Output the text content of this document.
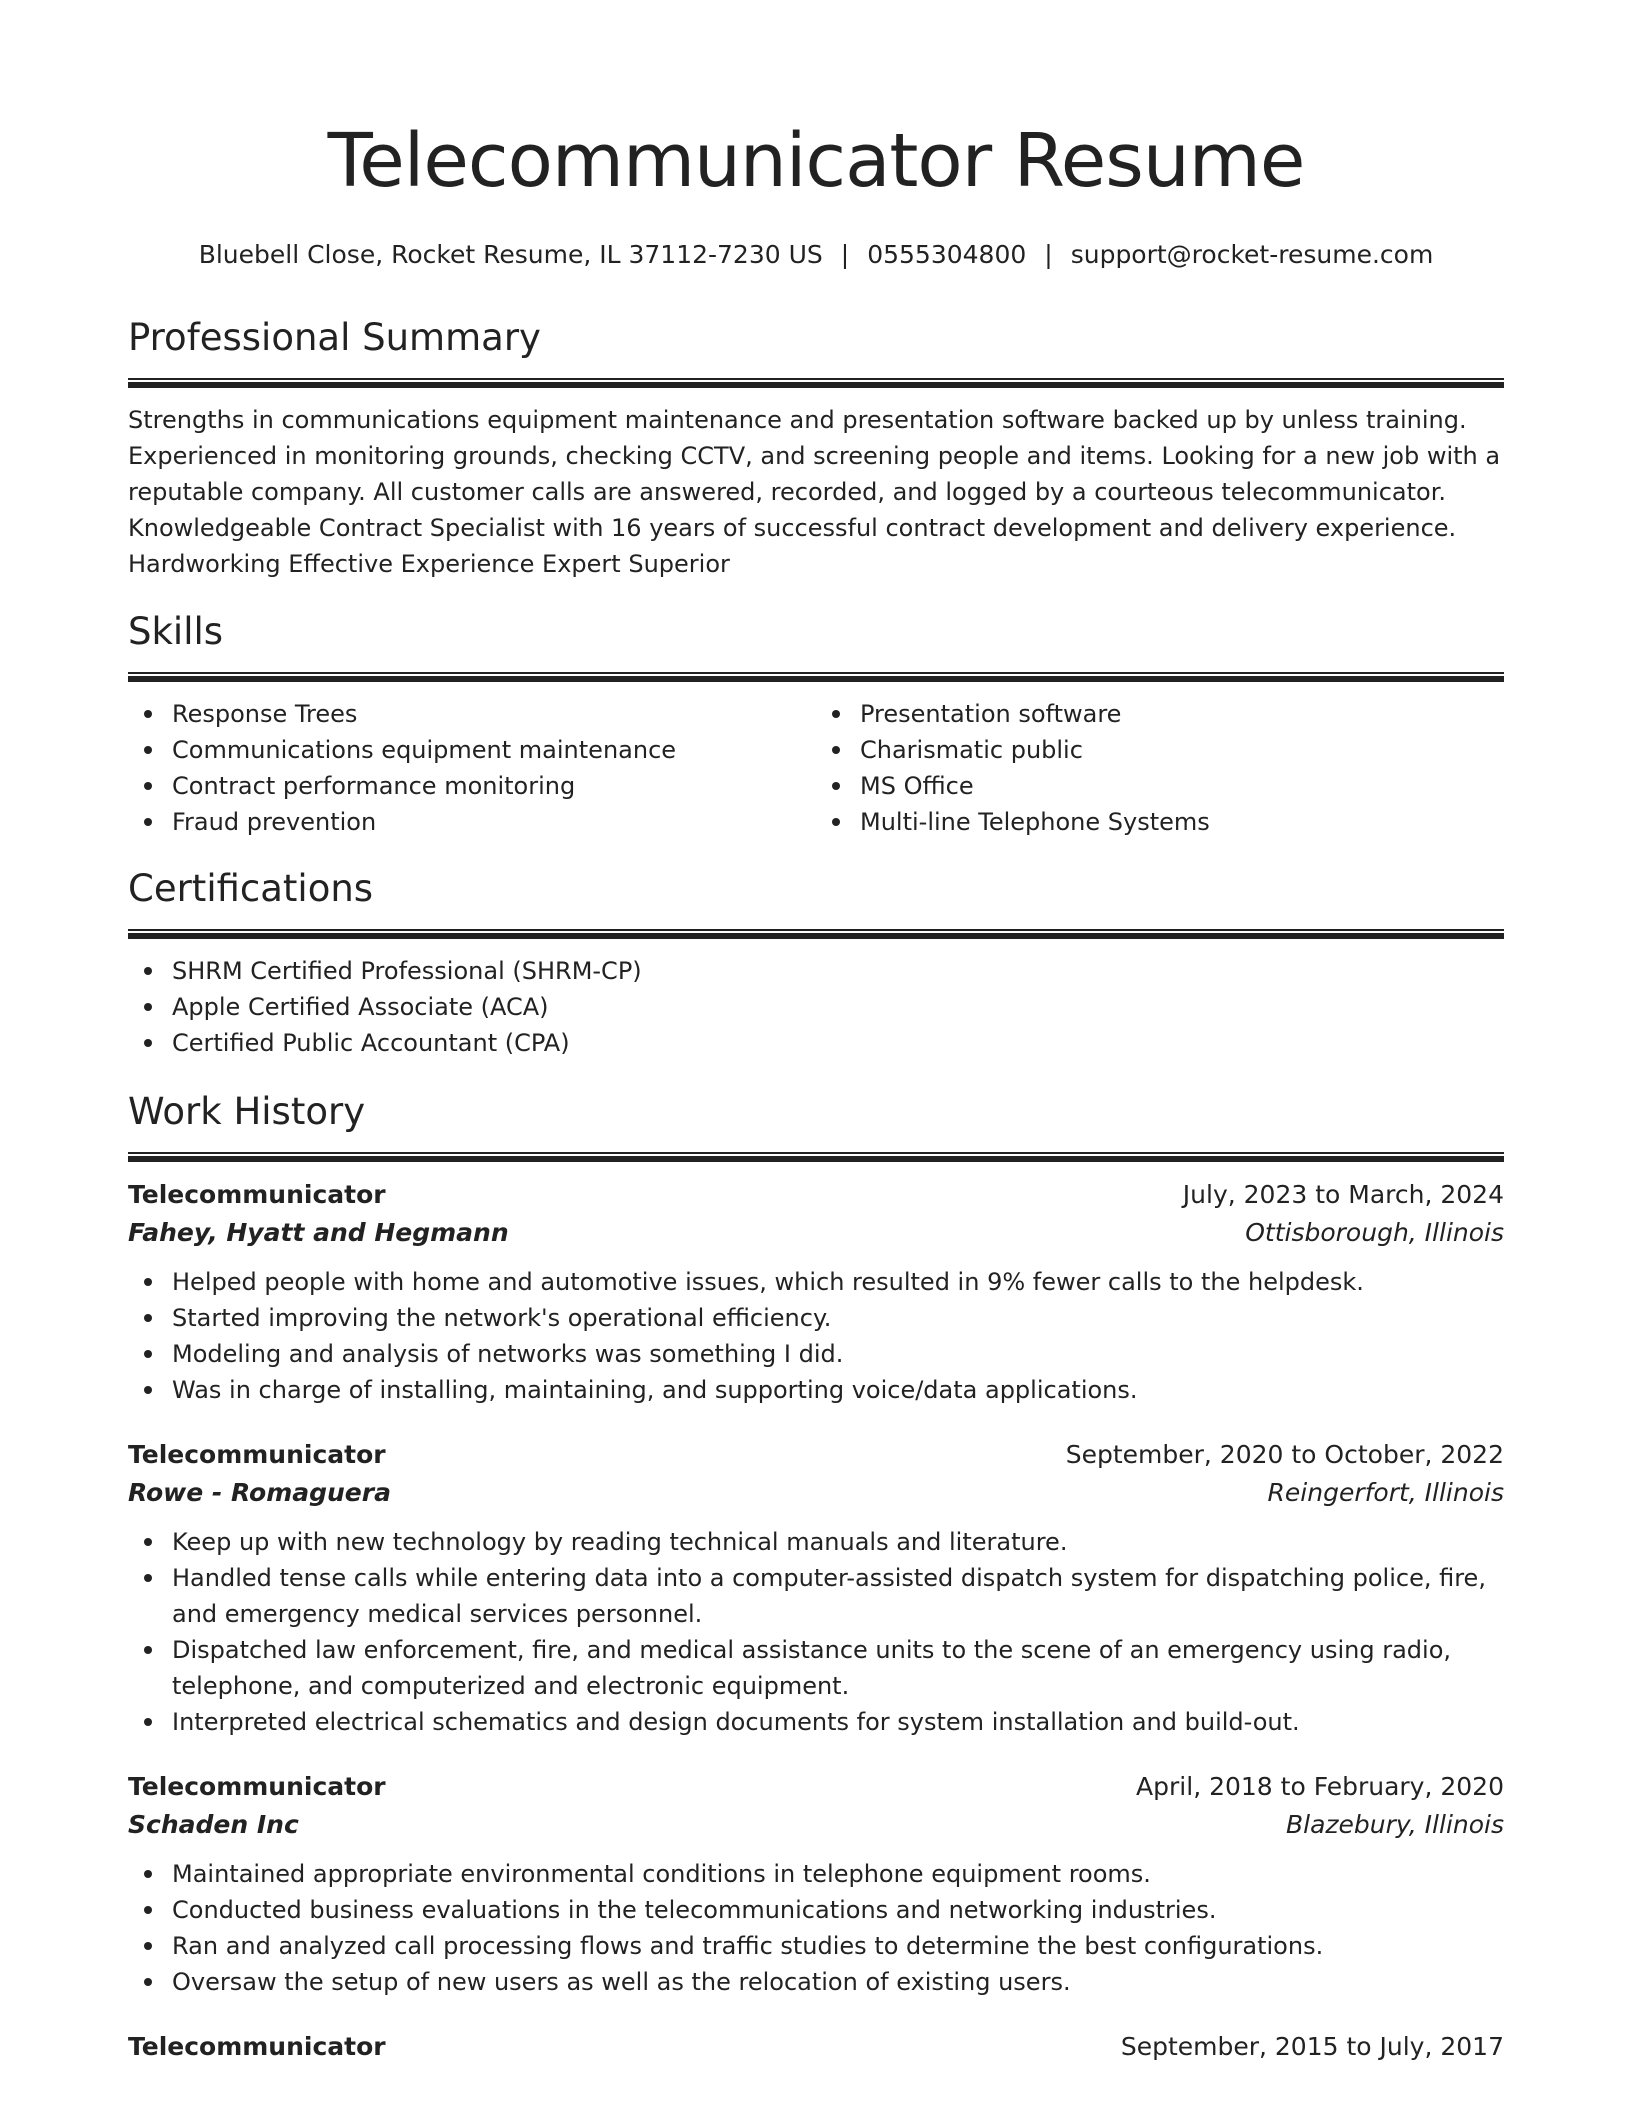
Telecommunicator Resume
Bluebell Close, Rocket Resume, IL 37112-7230 US | 0555304800 | support@rocket-resume.com
Professional Summary
Strengths in communications equipment maintenance and presentation software backed up by unless training.
Experienced in monitoring grounds, checking CCTV, and screening people and items. Looking for a new job with a
reputable company. All customer calls are answered, recorded, and logged by a courteous telecommunicator.
Knowledgeable Contract Specialist with 16 years of successful contract development and delivery experience.
Hardworking Effective Experience Expert Superior
Skills
Response Trees
Communications equipment maintenance
Contract performance monitoring
Fraud prevention
Presentation software
Charismatic public
MS Office
Multi-line Telephone Systems
Certifications
SHRM Certified Professional (SHRM-CP)
Apple Certified Associate (ACA)
Certified Public Accountant (CPA)
Work History
Telecommunicator	July, 2023 to March, 2024
Fahey, Hyatt and Hegmann	Ottisborough, Illinois
Helped people with home and automotive issues, which resulted in 9% fewer calls to the helpdesk.
Started improving the network's operational efficiency.
Modeling and analysis of networks was something I did.
Was in charge of installing, maintaining, and supporting voice/data applications.
Telecommunicator	September, 2020 to October, 2022
Rowe - Romaguera	Reingerfort, Illinois
Keep up with new technology by reading technical manuals and literature.
Handled tense calls while entering data into a computer-assisted dispatch system for dispatching police, fire, and emergency medical services personnel.
Dispatched law enforcement, fire, and medical assistance units to the scene of an emergency using radio, telephone, and computerized and electronic equipment.
Interpreted electrical schematics and design documents for system installation and build-out.
Telecommunicator	April, 2018 to February, 2020
Schaden Inc	Blazebury, Illinois
Maintained appropriate environmental conditions in telephone equipment rooms.
Conducted business evaluations in the telecommunications and networking industries.
Ran and analyzed call processing flows and traffic studies to determine the best configurations.
Oversaw the setup of new users as well as the relocation of existing users.
Telecommunicator	September, 2015 to July, 2017
